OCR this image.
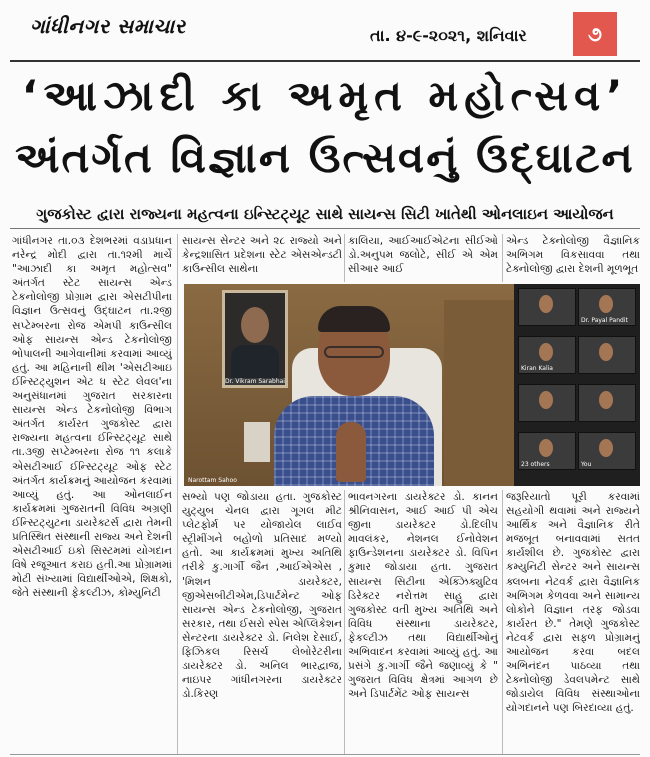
ગાંધીનગર સમાચાર	તા. ૪-૯-૨૦૨૧, શનિવાર	૭
‘આઝાદી કા અમૃત મહોત્સવ’
અંતર્ગત વિજ્ઞાન ઉત્સવનું ઉદ્ઘાટન
ગુજકોસ્ટ દ્વારા રાજ્યના મહત્વના ઇન્સ્ટિટ્યૂટ સાથે સાયન્સ સિટી ખાતેથી ઓનલાઇન આયોજન

ગાંધીનગર તા.૦૩ દેશભરમાં વડાપ્રધાન નરેન્દ્ર મોદી દ્વારા તા.૧૨મી માર્ચે "આઝાદી કા અમૃત મહોત્સવ" અંતર્ગત સ્ટેટ સાયન્સ એન્ડ ટેકનોલોજી પ્રોગ્રામ દ્વારા એસટીપીના વિજ્ઞાન ઉત્સવનું ઉદ્ઘાટન તા.૨જી સપ્ટેમ્બરના રોજ એમપી કાઉન્સીલ ઓફ સાયન્સ એન્ડ ટેકનોલોજી ભોપાલની આગેવાનીમાં કરવામાં આવ્યું હતું. આ મહિનાની થીમ 'એસટીઆઇ ઈન્સ્ટિટ્યુશન એટ ધ સ્ટેટ લેવલ'ના અનુસંધાનમાં ગુજરાત સરકારના સાયન્સ એન્ડ ટેકનોલોજી વિભાગ અંતર્ગત કાર્યરત ગુજકોસ્ટ દ્વારા રાજ્યના મહત્વના ઈન્સ્ટિટ્યૂટ સાથે તા.૩જી સપ્ટેમ્બરના રોજ ૧૧ કલાકે એસટીઆઈ ઈન્સ્ટિટ્યૂટ ઓફ સ્ટેટ અંતર્ગત કાર્યક્રમનું આયોજન કરવામાં આવ્યું હતું. આ ઓનલાઈન કાર્યક્રમમાં ગુજરાતની વિવિધ અગ્રણી ઈન્સ્ટિટ્યુટના ડાયરેક્ટર્સ દ્વારા તેમની પ્રતિસ્થિત સંસ્થાની રાજ્ય અને દેશની એસટીઆઈ ઇકો સિસ્ટમમાં યોગદાન વિષે રજૂઆત કરાઇ હતી.આ પ્રોગ્રામમાં મોટી સંખ્યામાં વિદ્યાર્થીઓએ, શિક્ષકો, જેતે સંસ્થાની ફેકલ્ટીઝ, કોમ્યુનિટી

સાયન્સ સેન્ટર અને ૨૮ રાજ્યો અને કેન્દ્રશાસિત પ્રદેશના સ્ટેટ એસએન્ડટી કાઉન્સીલ સાથેના

કાલિયા, આઈઆઈએટના સીઈઓ ડો.અનુપમ જલોટે, સીઈ એ એમ સીઆર આઈ

એન્ડ ટેક્નોલોજી વૈજ્ઞાનિક અભિગમ વિકસાવવા તથા ટેક્નોલોજી દ્વારા દેશની મૂળભૂત

Dr. Vikram Sarabhai
Narottam Sahoo
Dr. Payal Pandit
Kiran Kalia
23 others	You

સભ્યો પણ જોડાયા હતા. ગુજકોસ્ટ યુટ્યુબ ચેનલ દ્વારા ગૂગલ મીટ પ્લેટફોર્મ પર યોજાયેલ લાઈવ સ્ટ્રીમીંગને બહોળો પ્રતિસાદ મળ્યો હતો. આ કાર્યક્રમમાં મુખ્ય અતિથિ તરીકે કુ.ગાર્ગી જૈન ,આઈએએસ , 'મિશન ડાયરેક્ટર, જીએસબીટીએમ,ડિપાર્ટમેન્ટ ઓફ સાયન્સ એન્ડ ટેકનોલોજી, ગુજરાત સરકાર, તથા ઈસરો સ્પેસ એપ્લિકેશન સેન્ટરના ડાયરેક્ટર ડો. નિલેશ દેસાઈ, ફિઝિકલ રિસર્ચ લેબોરેટરીના ડાયરેક્ટર ડો. અનિલ ભારદ્વાજ, નાઇપર ગાંધીનગરના ડાયરેક્ટર ડો.કિરણ

ભાવનગરના ડાયરેક્ટર ડો. કાનન શ્રીનિવાસન, આઈ આઈ પી એચ જીના ડાયરેક્ટર ડો.દિલીપ માવલંકર, નેશનલ ઈનોવેશન ફાઉન્ડેશનના ડાયરેક્ટર ડો. વિપિન કુમાર જોડાયા હતા. ગુજરાત સાયન્સ સિટીના એક્ઝિક્યુટિવ ડિરેક્ટર નરોત્તમ સાહુ દ્વારા ગુજકોસ્ટ વતી મુખ્ય અતિથિ અને વિવિધ સંસ્થાના ડાયરેક્ટર, ફેકલ્ટીઝ તથા વિદ્યાર્થીઓનું અભિવાદન કરવામાં આવ્યું હતું. આ પ્રસંગે કુ.ગાર્ગી જૈને જણાવ્યું કે " ગુજરાત વિવિધ ક્ષેત્રમાં આગળ છે અને ડિપાર્ટમેંટ ઓફ સાયન્સ

જરૂરિયાતો પૂરી કરવામાં સહયોગી થવામાં અને રાજ્યને આર્થિક અને વૈજ્ઞાનિક રીતે મજબૂત બનાવવામાં સતત કાર્યશીલ છે. ગુજકોસ્ટ દ્વારા કમ્યુનિટી સેન્ટર અને સાયન્સ ક્લબના નેટવર્ક દ્વારા વૈજ્ઞાનિક અભિગમ કેળવવા અને સામાન્ય લોકોને વિજ્ઞાન તરફ જોડવા કાર્યરત છે." તેમણે ગુજકોસ્ટ નેટવર્ક દ્વારા સફળ પ્રોગ્રામનું આયોજન કરવા બદલ અભિનંદન પાઠવ્યા તથા ટેક્નોલોજી ડેવલપમેન્ટ સાથે જોડાયેલ વિવિધ સંસ્થાઓના યોગદાનને પણ બિરદાવ્યા હતું.
